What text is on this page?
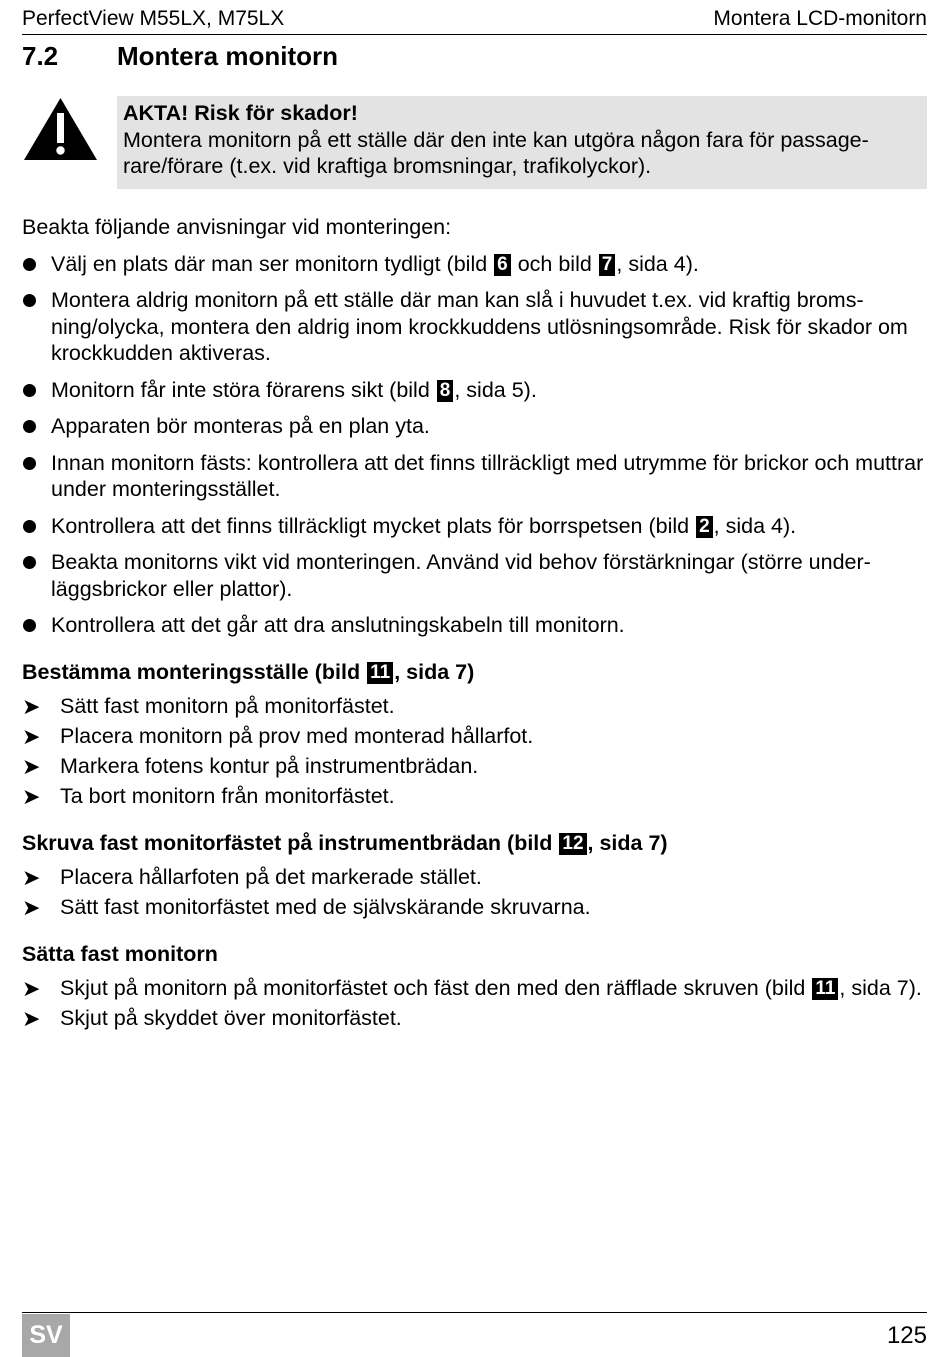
PerfectView M55LX, M75LX	Montera LCD-monitorn
7.2 Montera monitorn
AKTA! Risk för skador!
Montera monitorn på ett ställe där den inte kan utgöra någon fara för passagerare/förare (t.ex. vid kraftiga bromsningar, trafikolyckor).

Beakta följande anvisningar vid monteringen:

Välj en plats där man ser monitorn tydligt (bild 6 och bild 7 , sida 4).
Montera aldrig monitorn på ett ställe där man kan slå i huvudet t.ex. vid kraftig bromsning/olycka, montera den aldrig inom krockkuddens utlösningsområde. Risk för skador om krockkudden aktiveras.
Monitorn får inte störa förarens sikt (bild 8 , sida 5).
Apparaten bör monteras på en plan yta.
Innan monitorn fästs: kontrollera att det finns tillräckligt med utrymme för brickor och muttrar under monteringsstället.
Kontrollera att det finns tillräckligt mycket plats för borrspetsen (bild 2 , sida 4).
Beakta monitorns vikt vid monteringen. Använd vid behov förstärkningar (större underläggsbrickor eller plattor).
Kontrollera att det går att dra anslutningskabeln till monitorn.
Bestämma monteringsställe (bild 11 , sida 7)
➤ Sätt fast monitorn på monitorfästet.
➤ Placera monitorn på prov med monterad hållarfot.
➤ Markera fotens kontur på instrumentbrädan.
➤ Ta bort monitorn från monitorfästet.
Skruva fast monitorfästet på instrumentbrädan (bild 12 , sida 7)
➤ Placera hållarfoten på det markerade stället.
➤ Sätt fast monitorfästet med de självskärande skruvarna.
Sätta fast monitorn
➤ Skjut på monitorn på monitorfästet och fäst den med den räfflade skruven (bild 11 , sida 7).
➤ Skjut på skyddet över monitorfästet.
SV	125
